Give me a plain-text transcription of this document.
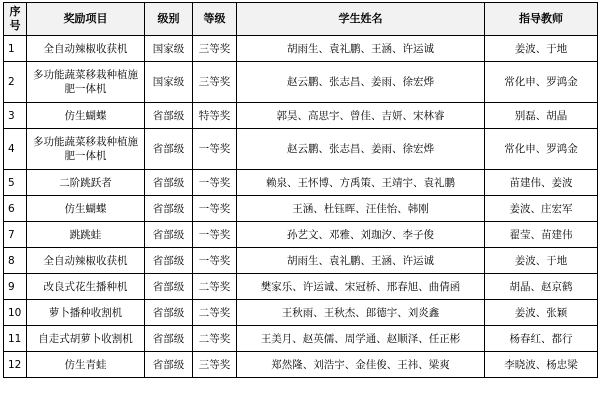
序号	奖励项目	级别	等级	学生姓名	指导教师
1	全自动辣椒收获机	国家级	三等奖	胡雨生、袁礼鹏、王涵、许运诚	姜波、于地
2	多功能蔬菜移栽种植施肥一体机	国家级	三等奖	赵云鹏、张志昌、姜雨、徐宏烨	常化申、罗鸿金
3	仿生蝴蝶	省部级	特等奖	郭昊、高思宇、曾佳、吉妍、宋林睿	别磊、胡晶
4	多功能蔬菜移栽种植施肥一体机	省部级	一等奖	赵云鹏、张志昌、姜雨、徐宏烨	常化申、罗鸿金
5	二阶跳跃者	省部级	一等奖	赖泉、王怀博、方禹策、王靖宇、袁礼鹏	苗建伟、姜波
6	仿生蝴蝶	省部级	一等奖	王涵、杜钰晖、汪佳怡、韩刚	姜波、庄宏军
7	跳跳蛙	省部级	一等奖	孙艺文、邓雅、刘珈汐、李子俊	翟莹、苗建伟
8	全自动辣椒收获机	省部级	一等奖	胡雨生、袁礼鹏、王涵、许运诚	姜波、于地
9	改良式花生播种机	省部级	二等奖	樊家乐、许运诚、宋冠桥、邢春旭、曲倩函	胡晶、赵京鹤
10	萝卜播种收割机	省部级	二等奖	王秋雨、王秋杰、郎德宇、刘炎鑫	姜波、张颖
11	自走式胡萝卜收割机	省部级	二等奖	王美月、赵英儒、周学通、赵顺泽、任正彬	杨春红、都行
12	仿生青蛙	省部级	三等奖	郑然隆、刘浩宇、金佳俊、王祎、梁爽	李晓波、杨忠梁
